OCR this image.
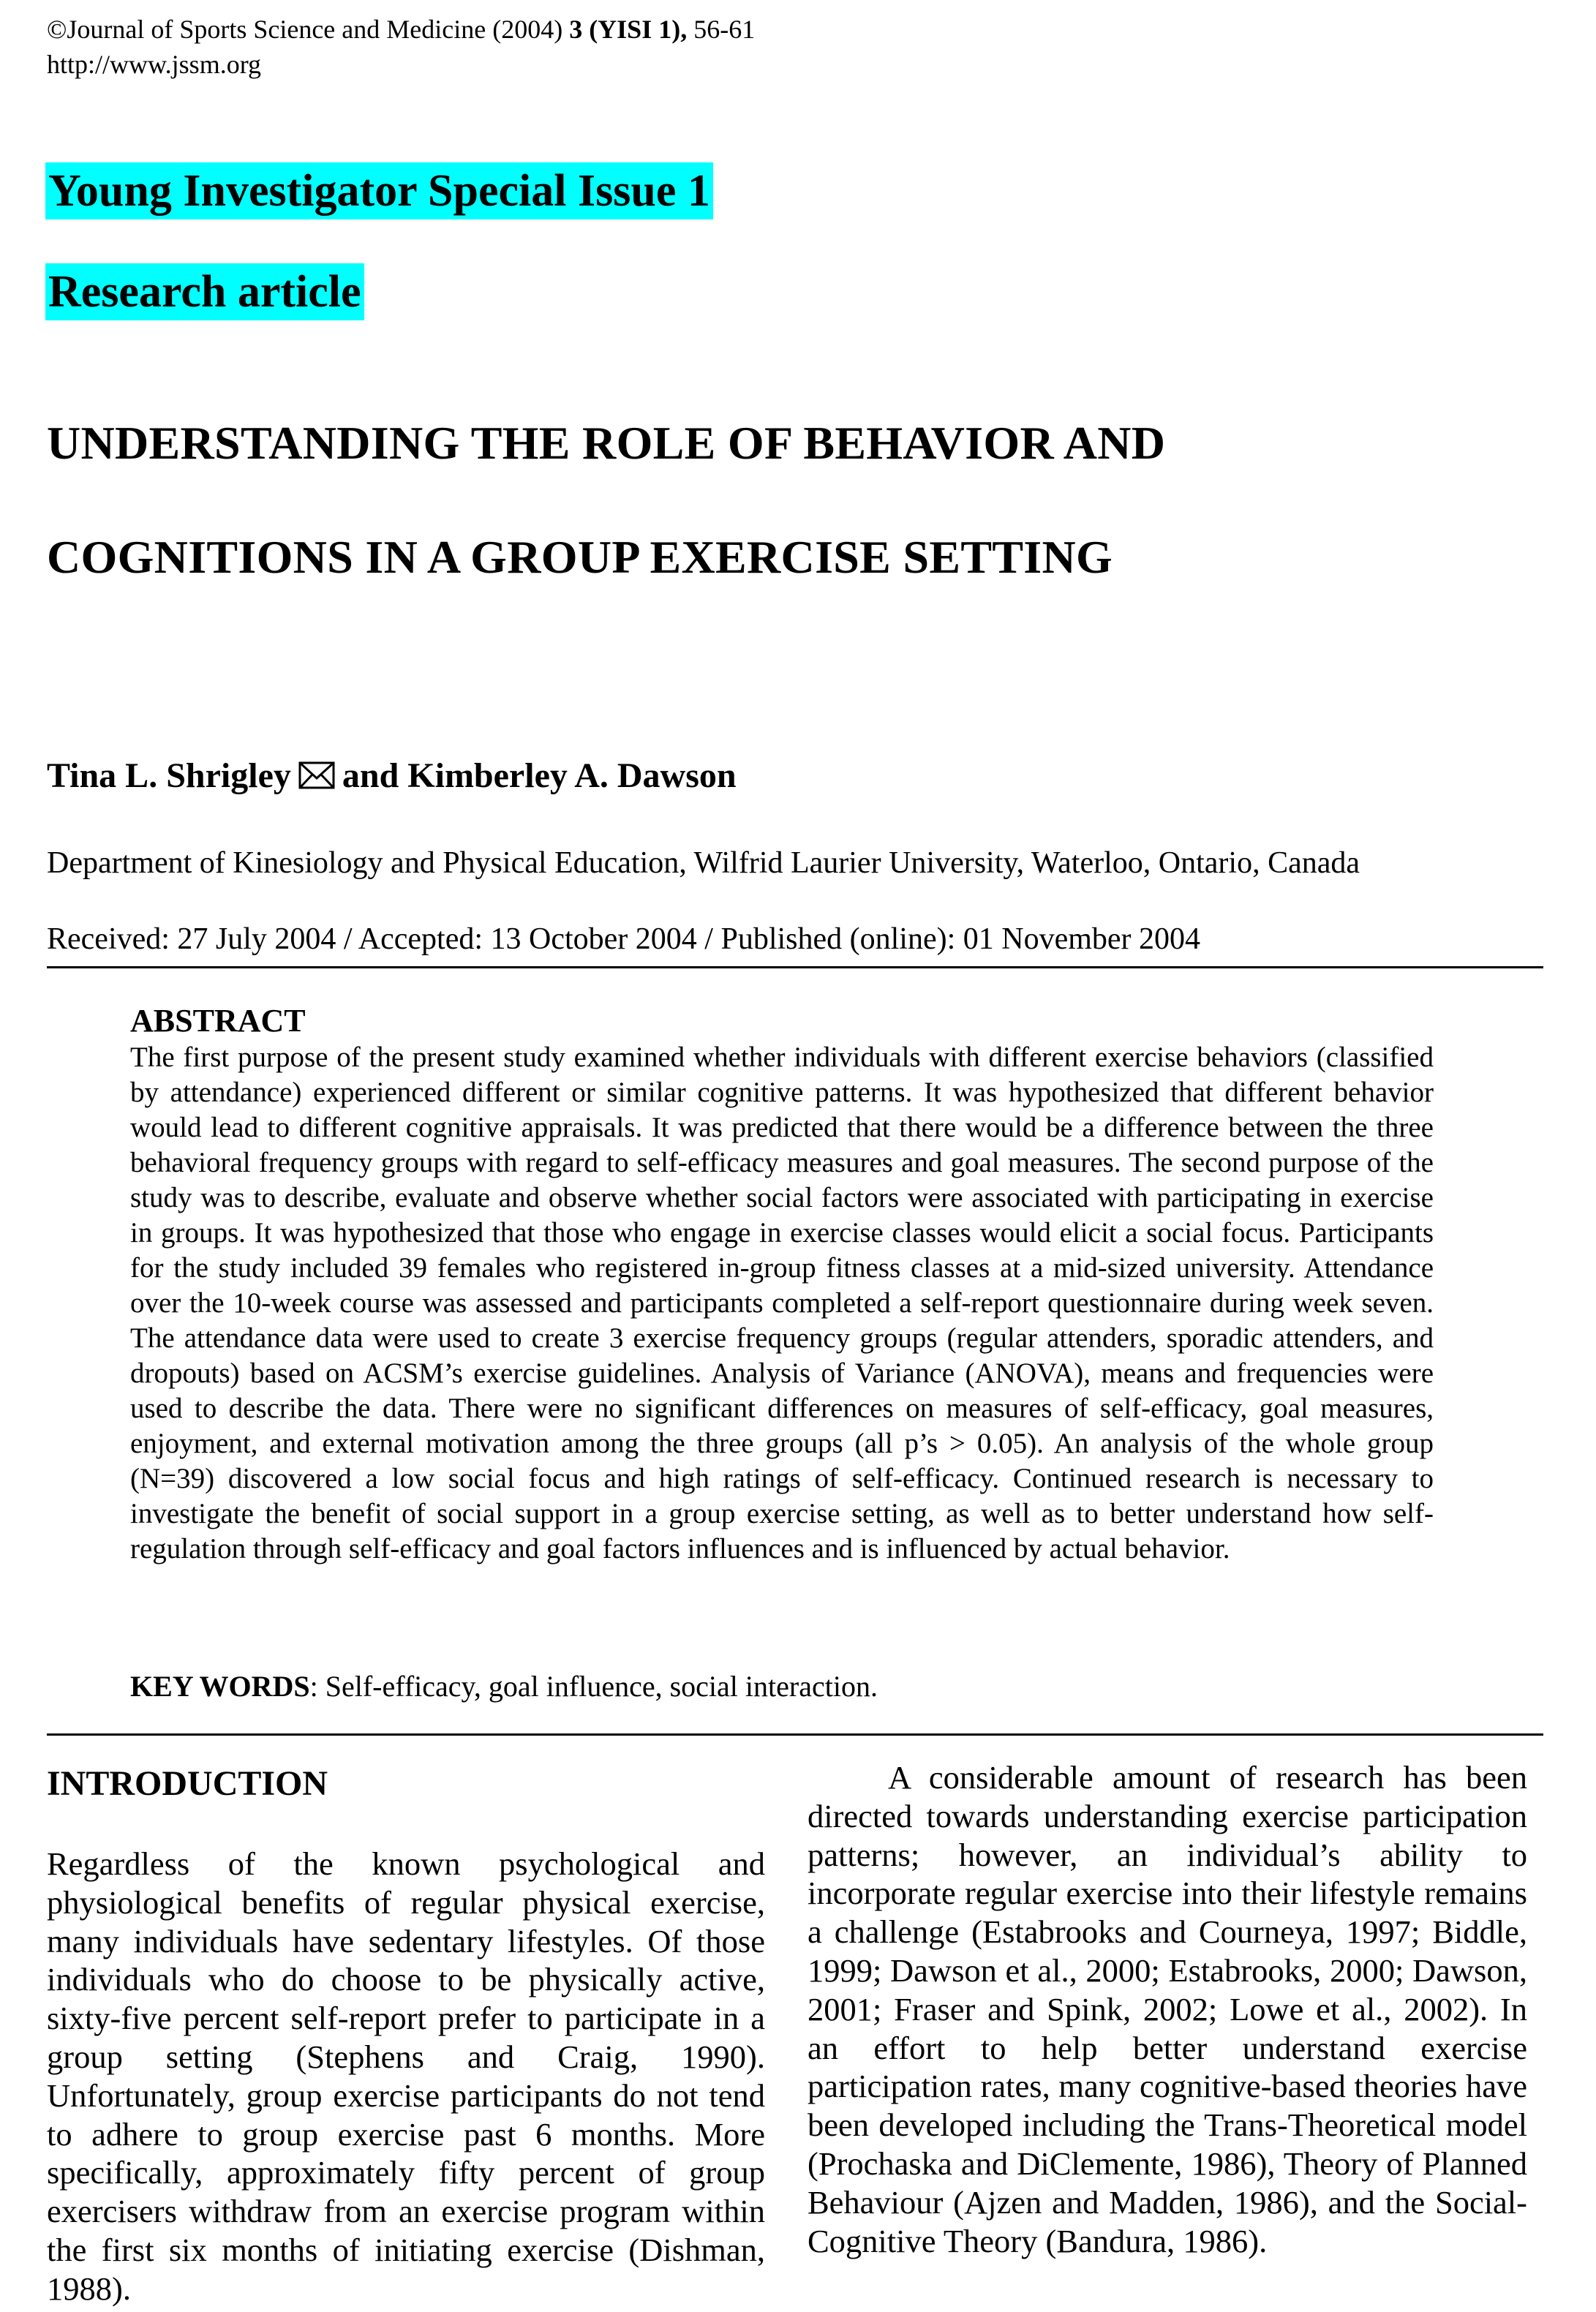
©Journal of Sports Science and Medicine (2004) 3 (YISI 1), 56-61
http://www.jssm.org
Young Investigator Special Issue 1
Research article
UNDERSTANDING THE ROLE OF BEHAVIOR AND
COGNITIONS IN A GROUP EXERCISE SETTING
Tina L. Shrigley and Kimberley A. Dawson
Department of Kinesiology and Physical Education, Wilfrid Laurier University, Waterloo, Ontario, Canada
Received: 27 July 2004 / Accepted: 13 October 2004 / Published (online): 01 November 2004
ABSTRACT
The first purpose of the present study examined whether individuals with different exercise behaviors (classified by attendance) experienced different or similar cognitive patterns. It was hypothesized that different behavior would lead to different cognitive appraisals. It was predicted that there would be a difference between the three behavioral frequency groups with regard to self-efficacy measures and goal measures. The second purpose of the study was to describe, evaluate and observe whether social factors were associated with participating in exercise in groups. It was hypothesized that those who engage in exercise classes would elicit a social focus. Participants for the study included 39 females who registered in-group fitness classes at a mid-sized university. Attendance over the 10-week course was assessed and participants completed a self-report questionnaire during week seven. The attendance data were used to create 3 exercise frequency groups (regular attenders, sporadic attenders, and dropouts) based on ACSM’s exercise guidelines. Analysis of Variance (ANOVA), means and frequencies were used to describe the data. There were no significant differences on measures of self-efficacy, goal measures, enjoyment, and external motivation among the three groups (all p’s > 0.05). An analysis of the whole group (N=39) discovered a low social focus and high ratings of self-efficacy. Continued research is necessary to investigate the benefit of social support in a group exercise setting, as well as to better understand how self-regulation through self-efficacy and goal factors influences and is influenced by actual behavior.
KEY WORDS: Self-efficacy, goal influence, social interaction.
INTRODUCTION
Regardless of the known psychological and physiological benefits of regular physical exercise, many individuals have sedentary lifestyles. Of those individuals who do choose to be physically active, sixty-five percent self-report prefer to participate in a group setting (Stephens and Craig, 1990). Unfortunately, group exercise participants do not tend to adhere to group exercise past 6 months. More specifically, approximately fifty percent of group exercisers withdraw from an exercise program within the first six months of initiating exercise (Dishman, 1988).
A considerable amount of research has been directed towards understanding exercise participation patterns; however, an individual’s ability to incorporate regular exercise into their lifestyle remains a challenge (Estabrooks and Courneya, 1997; Biddle, 1999; Dawson et al., 2000; Estabrooks, 2000; Dawson, 2001; Fraser and Spink, 2002; Lowe et al., 2002). In an effort to help better understand exercise participation rates, many cognitive-based theories have been developed including the Trans-Theoretical model (Prochaska and DiClemente, 1986), Theory of Planned Behaviour (Ajzen and Madden, 1986), and the Social-Cognitive Theory (Bandura, 1986).
